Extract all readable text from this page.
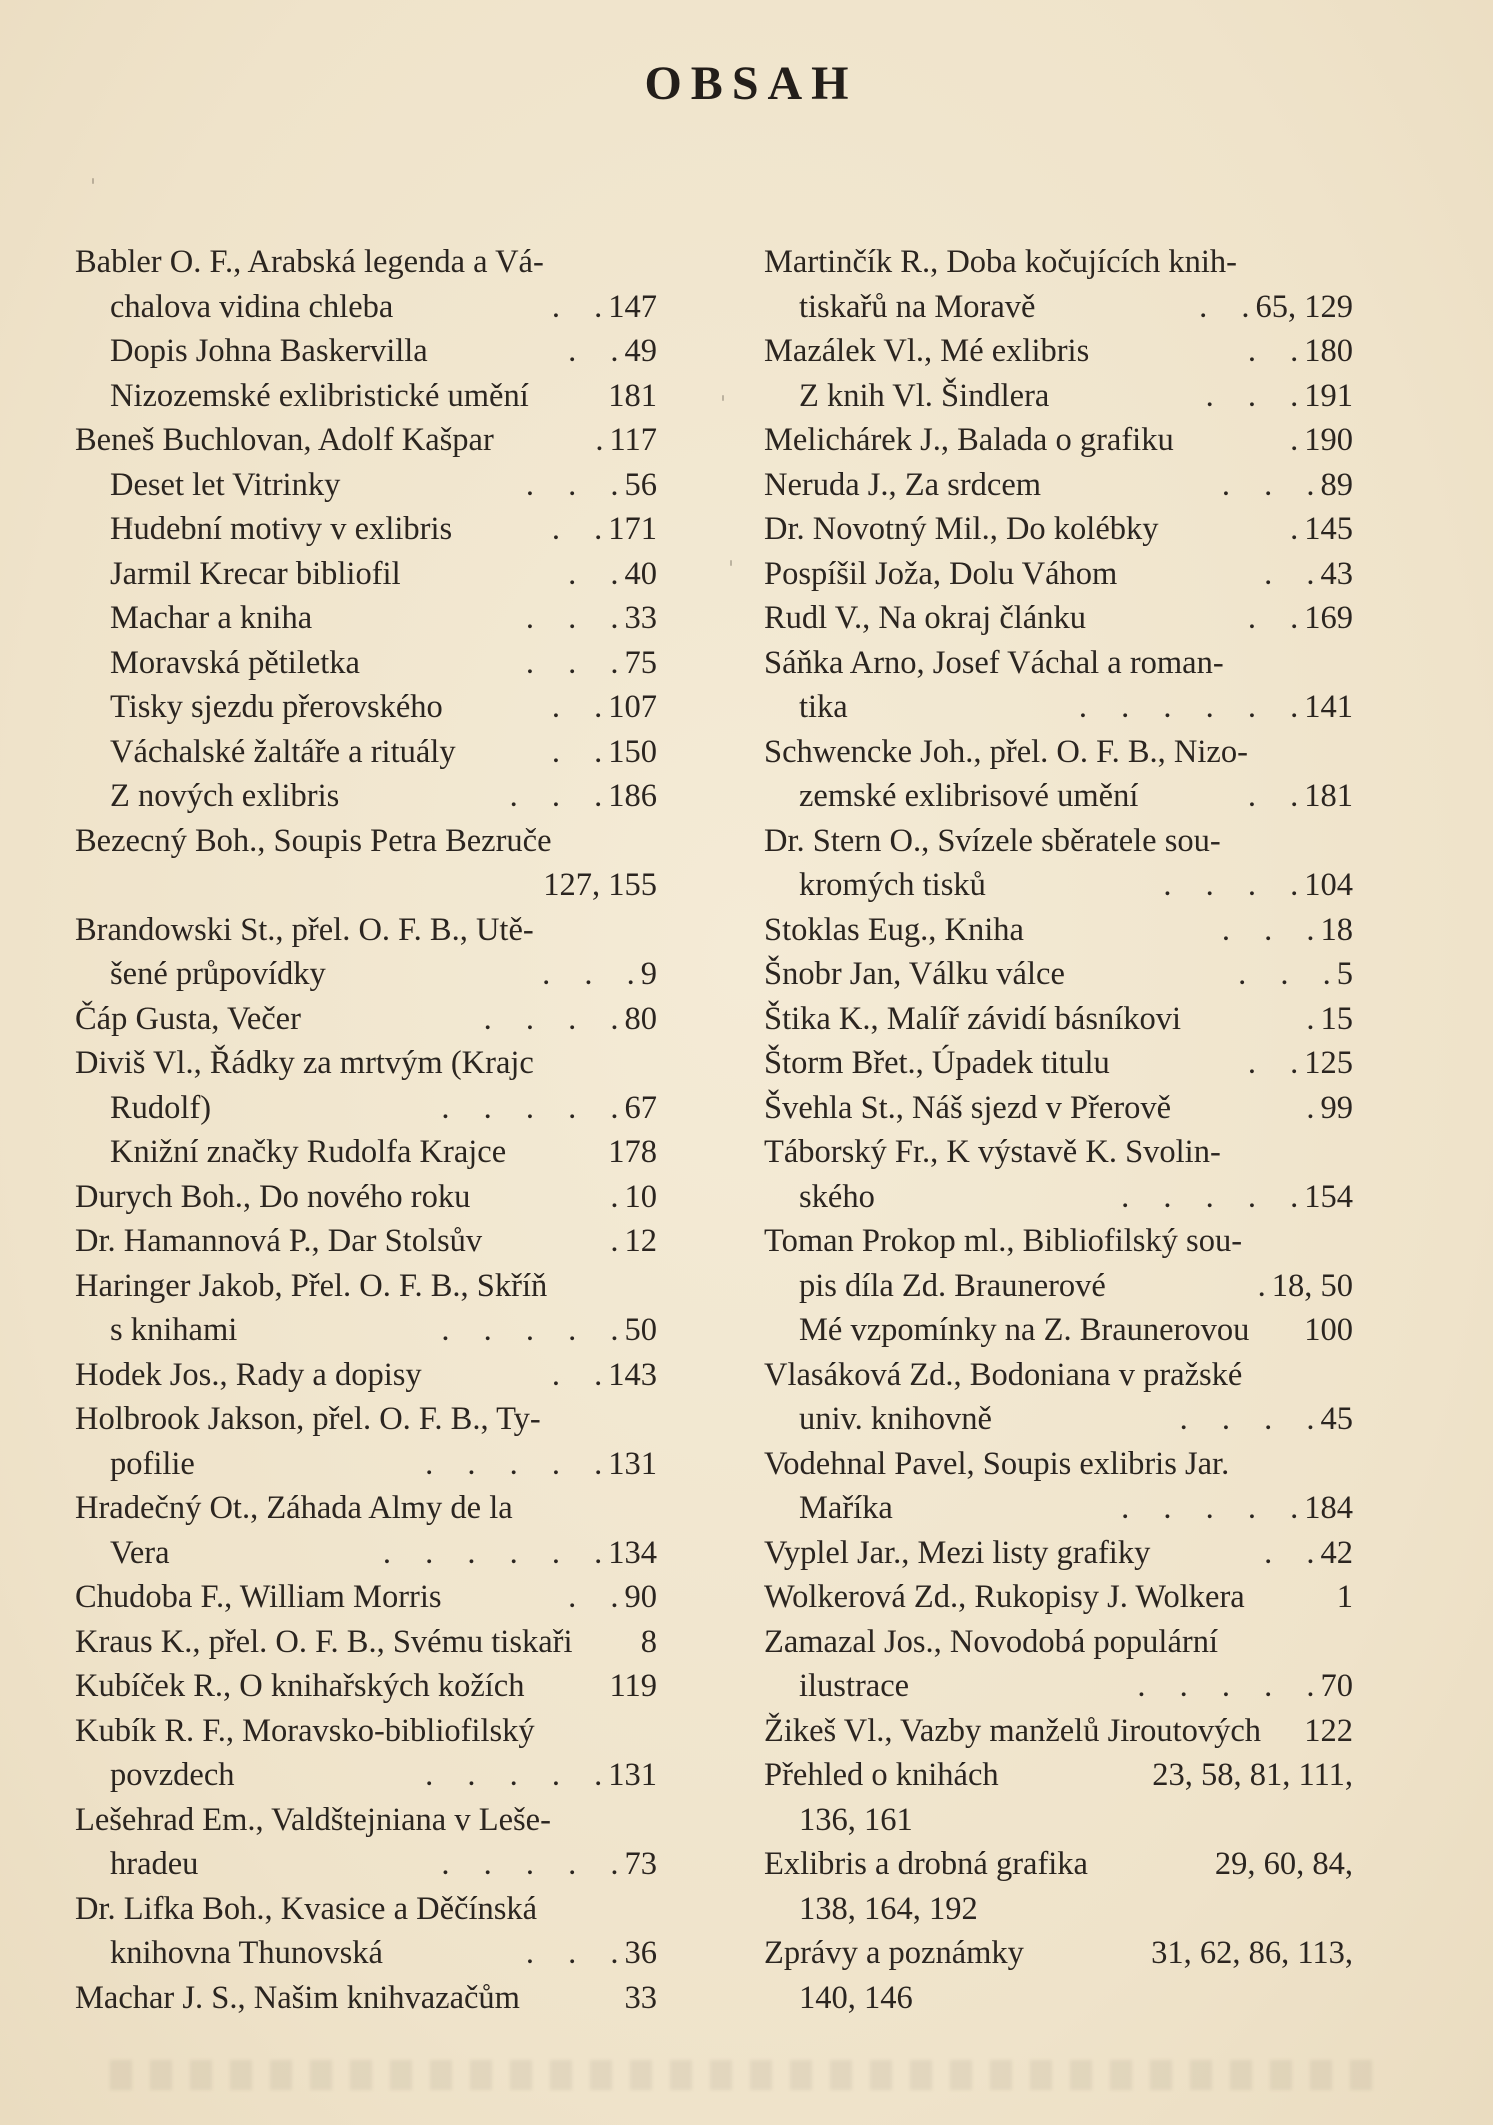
OBSAH
Babler O. F., Arabská legenda a Vá-
chalova vidina chleba	. . 147
Dopis Johna Baskervilla	. . 49
Nizozemské exlibristické umění 181
Beneš Buchlovan, Adolf Kašpar	. 117
Deset let Vitrinky	. . . 56
Hudební motivy v exlibris	. . 171
Jarmil Krecar bibliofil	. . 40
Machar a kniha	. . . 33
Moravská pětiletka	. . . 75
Tisky sjezdu přerovského	. . 107
Váchalské žaltáře a rituály	. . 150
Z nových exlibris	. . . 186
Bezecný Boh., Soupis Petra Bezruče
127, 155
Brandowski St., přel. O. F. B., Utě-
šené průpovídky	. . . 9
Čáp Gusta, Večer	. . . . 80
Diviš Vl., Řádky za mrtvým (Krajc
Rudolf)	. . . . . 67
Knižní značky Rudolfa Krajce	178
Durych Boh., Do nového roku	. 10
Dr. Hamannová P., Dar Stolsův	. 12
Haringer Jakob, Přel. O. F. B., Skříň
s knihami	. . . . . 50
Hodek Jos., Rady a dopisy	. . 143
Holbrook Jakson, přel. O. F. B., Ty-
pofilie	. . . . . 131
Hradečný Ot., Záhada Almy de la
Vera	. . . . . . 134
Chudoba F., William Morris	. . 90
Kraus K., přel. O. F. B., Svému tiskaři 8
Kubíček R., O knihařských kožích	119
Kubík R. F., Moravsko-bibliofilský
povzdech	. . . . . 131
Lešehrad Em., Valdštejniana v Leše-
hradeu	. . . . . 73
Dr. Lifka Boh., Kvasice a Děčínská
knihovna Thunovská	. . . 36
Machar J. S., Našim knihvazačům	33
Martinčík R., Doba kočujících knih-
tiskařů na Moravě	. . 65, 129
Mazálek Vl., Mé exlibris	. . 180
Z knih Vl. Šindlera	. . . 191
Melichárek J., Balada o grafiku	. 190
Neruda J., Za srdcem	. . . 89
Dr. Novotný Mil., Do kolébky	. 145
Pospíšil Joža, Dolu Váhom	. . 43
Rudl V., Na okraj článku	. . 169
Sáňka Arno, Josef Váchal a roman-
tika	. . . . . . 141
Schwencke Joh., přel. O. F. B., Nizo-
zemské exlibrisové umění	. . 181
Dr. Stern O., Svízele sběratele sou-
kromých tisků	. . . . 104
Stoklas Eug., Kniha	. . . 18
Šnobr Jan, Válku válce	. . . 5
Štika K., Malíř závidí básníkovi	. 15
Štorm Břet., Úpadek titulu	. . 125
Švehla St., Náš sjezd v Přerově	. 99
Táborský Fr., K výstavě K. Svolin-
ského	. . . . . 154
Toman Prokop ml., Bibliofilský sou-
pis díla Zd. Braunerové	. 18, 50
Mé vzpomínky na Z. Braunerovou 100
Vlasáková Zd., Bodoniana v pražské
univ. knihovně	. . . . 45
Vodehnal Pavel, Soupis exlibris Jar.
Maříka	. . . . . 184
Vyplel Jar., Mezi listy grafiky	. . 42
Wolkerová Zd., Rukopisy J. Wolkera	1
Zamazal Jos., Novodobá populární
ilustrace	. . . . . 70
Žikeš Vl., Vazby manželů Jiroutových 122
Přehled o knihách	23, 58, 81, 111,
136, 161
Exlibris a drobná grafika	29, 60, 84,
138, 164, 192
Zprávy a poznámky	31, 62, 86, 113,
140, 146
